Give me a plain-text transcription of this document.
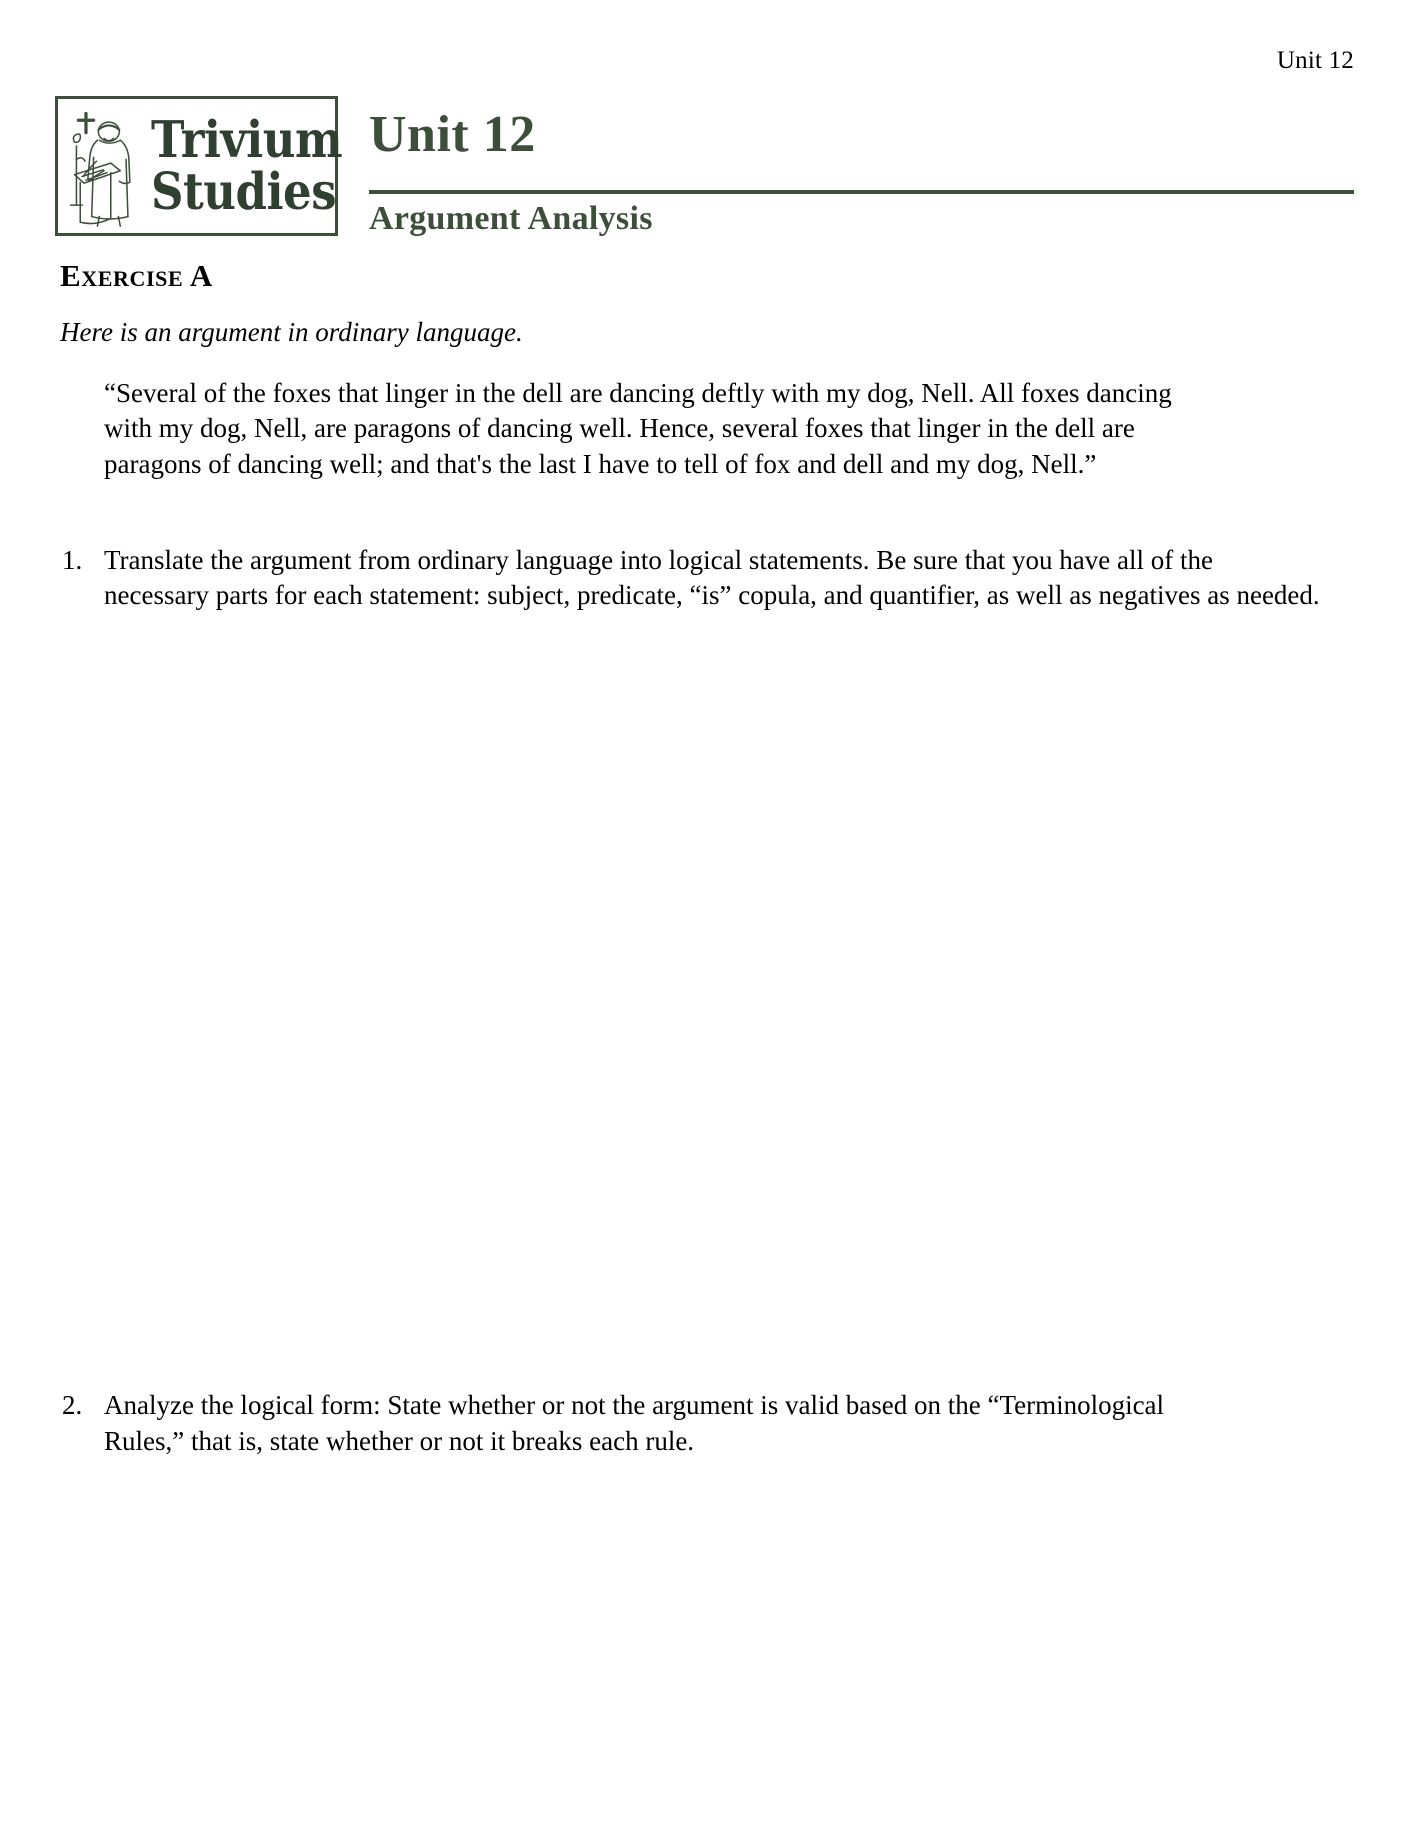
Unit 12
Trivium
Studies
Unit 12
Argument Analysis
Exercise A

Here is an argument in ordinary language.

“Several of the foxes that linger in the dell are dancing deftly with my dog, Nell. All foxes dancing with my dog, Nell, are paragons of dancing well. Hence, several foxes that linger in the dell are paragons of dancing well; and that's the last I have to tell of fox and dell and my dog, Nell.”
1. Translate the argument from ordinary language into logical statements. Be sure that you have all of the necessary parts for each statement: subject, predicate, “is” copula, and quantifier, as well as negatives as needed.
2. Analyze the logical form: State whether or not the argument is valid based on the “Terminological Rules,” that is, state whether or not it breaks each rule.
